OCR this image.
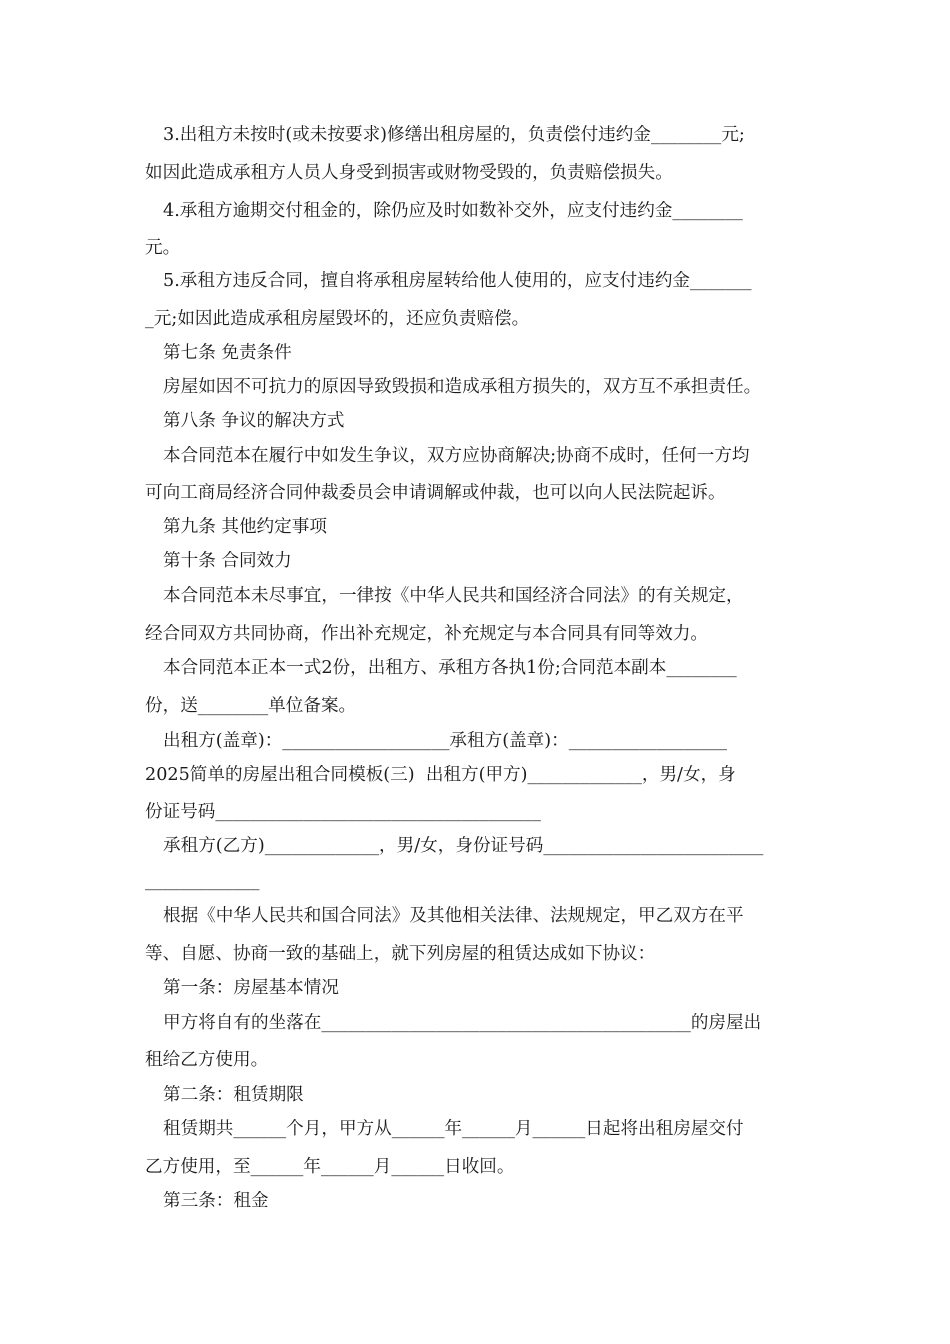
3.出租方未按时(或未按要求)修缮出租房屋的，负责偿付违约金________元;
如因此造成承租方人员人身受到损害或财物受毁的，负责赔偿损失。
4.承租方逾期交付租金的，除仍应及时如数补交外，应支付违约金________
元。
5.承租方违反合同，擅自将承租房屋转给他人使用的，应支付违约金_______
_元;如因此造成承租房屋毁坏的，还应负责赔偿。
第七条 免责条件
房屋如因不可抗力的原因导致毁损和造成承租方损失的，双方互不承担责任。
第八条 争议的解决方式
本合同范本在履行中如发生争议，双方应协商解决;协商不成时，任何一方均
可向工商局经济合同仲裁委员会申请调解或仲裁，也可以向人民法院起诉。
第九条 其他约定事项
第十条 合同效力
本合同范本未尽事宜，一律按《中华人民共和国经济合同法》的有关规定，
经合同双方共同协商，作出补充规定，补充规定与本合同具有同等效力。
本合同范本正本一式2份，出租方、承租方各执1份;合同范本副本________
份，送________单位备案。
出租方(盖章)：___________________承租方(盖章)：__________________
2025简单的房屋出租合同模板(三)  出租方(甲方)_____________，男/女，身
份证号码_____________________________________
承租方(乙方)_____________，男/女，身份证号码_________________________
_____________
根据《中华人民共和国合同法》及其他相关法律、法规规定，甲乙双方在平
等、自愿、协商一致的基础上，就下列房屋的租赁达成如下协议：
第一条：房屋基本情况
甲方将自有的坐落在__________________________________________的房屋出
租给乙方使用。
第二条：租赁期限
租赁期共______个月，甲方从______年______月______日起将出租房屋交付
乙方使用，至______年______月______日收回。
第三条：租金
